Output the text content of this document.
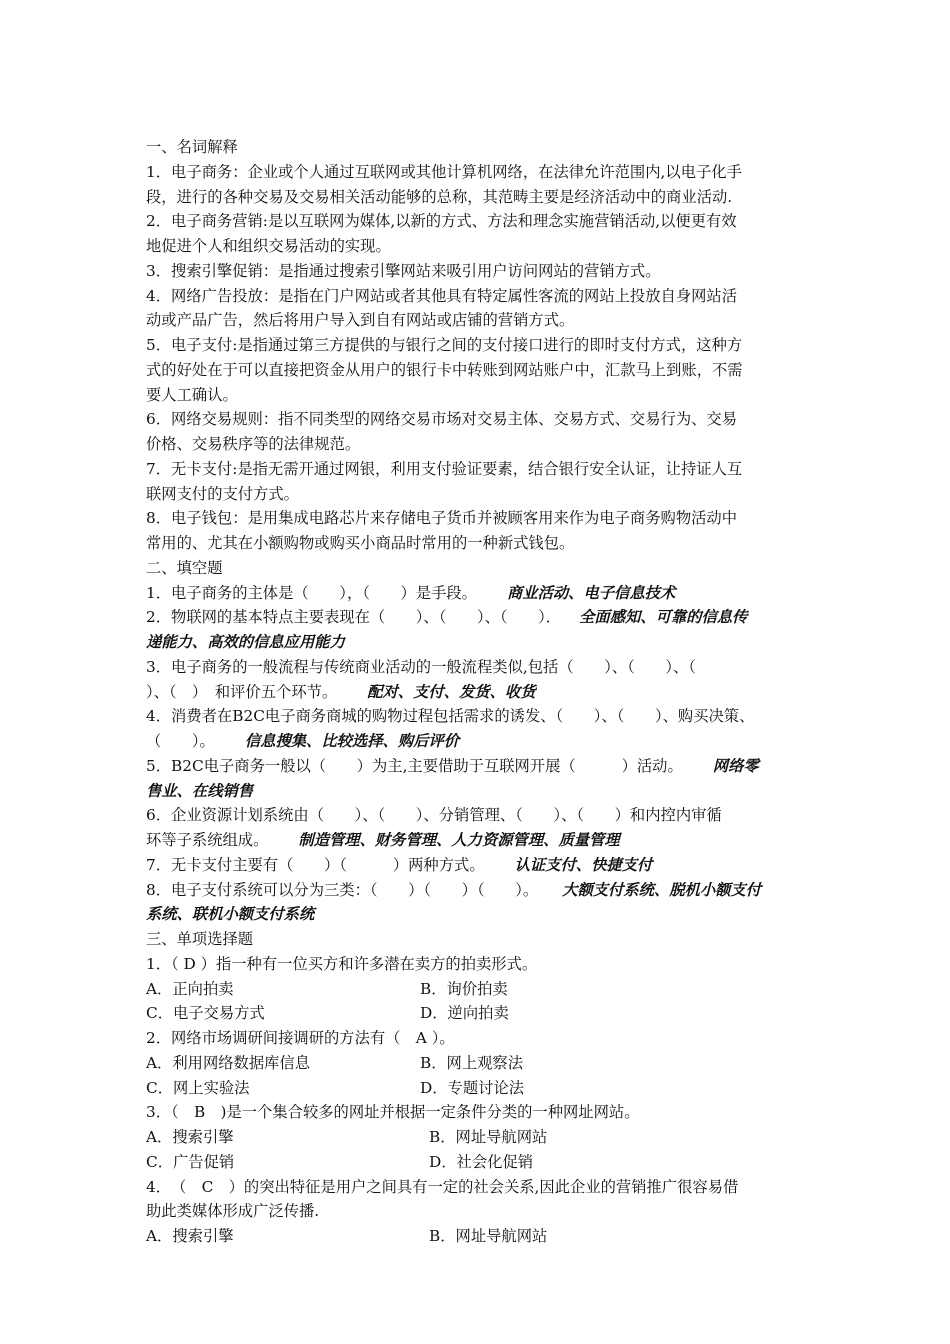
一、名词解释
1．电子商务：企业或个人通过互联网或其他计算机网络，在法律允许范围内,以电子化手
段，进行的各种交易及交易相关活动能够的总称，其范畴主要是经济活动中的商业活动.
2．电子商务营销:是以互联网为媒体,以新的方式、方法和理念实施营销活动,以便更有效
地促进个人和组织交易活动的实现。
3．搜索引擎促销：是指通过搜索引擎网站来吸引用户访问网站的营销方式。
4．网络广告投放：是指在门户网站或者其他具有特定属性客流的网站上投放自身网站活
动或产品广告，然后将用户导入到自有网站或店铺的营销方式。
5．电子支付:是指通过第三方提供的与银行之间的支付接口进行的即时支付方式，这种方
式的好处在于可以直接把资金从用户的银行卡中转账到网站账户中，汇款马上到账，不需
要人工确认。
6．网络交易规则：指不同类型的网络交易市场对交易主体、交易方式、交易行为、交易
价格、交易秩序等的法律规范。
7．无卡支付:是指无需开通过网银，利用支付验证要素，结合银行安全认证，让持证人互
联网支付的支付方式。
8．电子钱包：是用集成电路芯片来存储电子货币并被顾客用来作为电子商务购物活动中
常用的、尤其在小额购物或购买小商品时常用的一种新式钱包。
二、填空题
1．电子商务的主体是（　　），（　　）是手段。 商业活动、电子信息技术
2．物联网的基本特点主要表现在（　　）、（　　）、（　　）． 全面感知、可靠的信息传
递能力、高效的信息应用能力
3．电子商务的一般流程与传统商业活动的一般流程类似,包括（　　）、（　　）、（
）、（　）　和评价五个环节。 配对、支付、发货、收货
4．消费者在B2C电子商务商城的购物过程包括需求的诱发、（　　）、（　　）、购买决策、
（　　）。 信息搜集、比较选择、购后评价
5．B2C电子商务一般以（　　）为主,主要借助于互联网开展（　　　）活动。 网络零
售业、在线销售
6．企业资源计划系统由（　　）、（　　）、分销管理、（　　）、（　　）和内控内审循
环等子系统组成。 制造管理、财务管理、人力资源管理、质量管理
7．无卡支付主要有（　　）（　　　）两种方式。 认证支付、快捷支付
8．电子支付系统可以分为三类：（　　）（　　）（　　）。 大额支付系统、脱机小额支付
系统、联机小额支付系统
三、单项选择题
1．（ D ）指一种有一位买方和许多潜在卖方的拍卖形式。
A．正向拍卖	B．询价拍卖
C．电子交易方式	D．逆向拍卖
2．网络市场调研间接调研的方法有（　A ）。
A．利用网络数据库信息	B．网上观察法
C．网上实验法	D．专题讨论法
3．（　B　)是一个集合较多的网址并根据一定条件分类的一种网址网站。
A．搜索引擎	B．网址导航网站
C．广告促销	D．社会化促销
4．　（　C　）的突出特征是用户之间具有一定的社会关系,因此企业的营销推广很容易借
助此类媒体形成广泛传播.
A．搜索引擎	B．网址导航网站
